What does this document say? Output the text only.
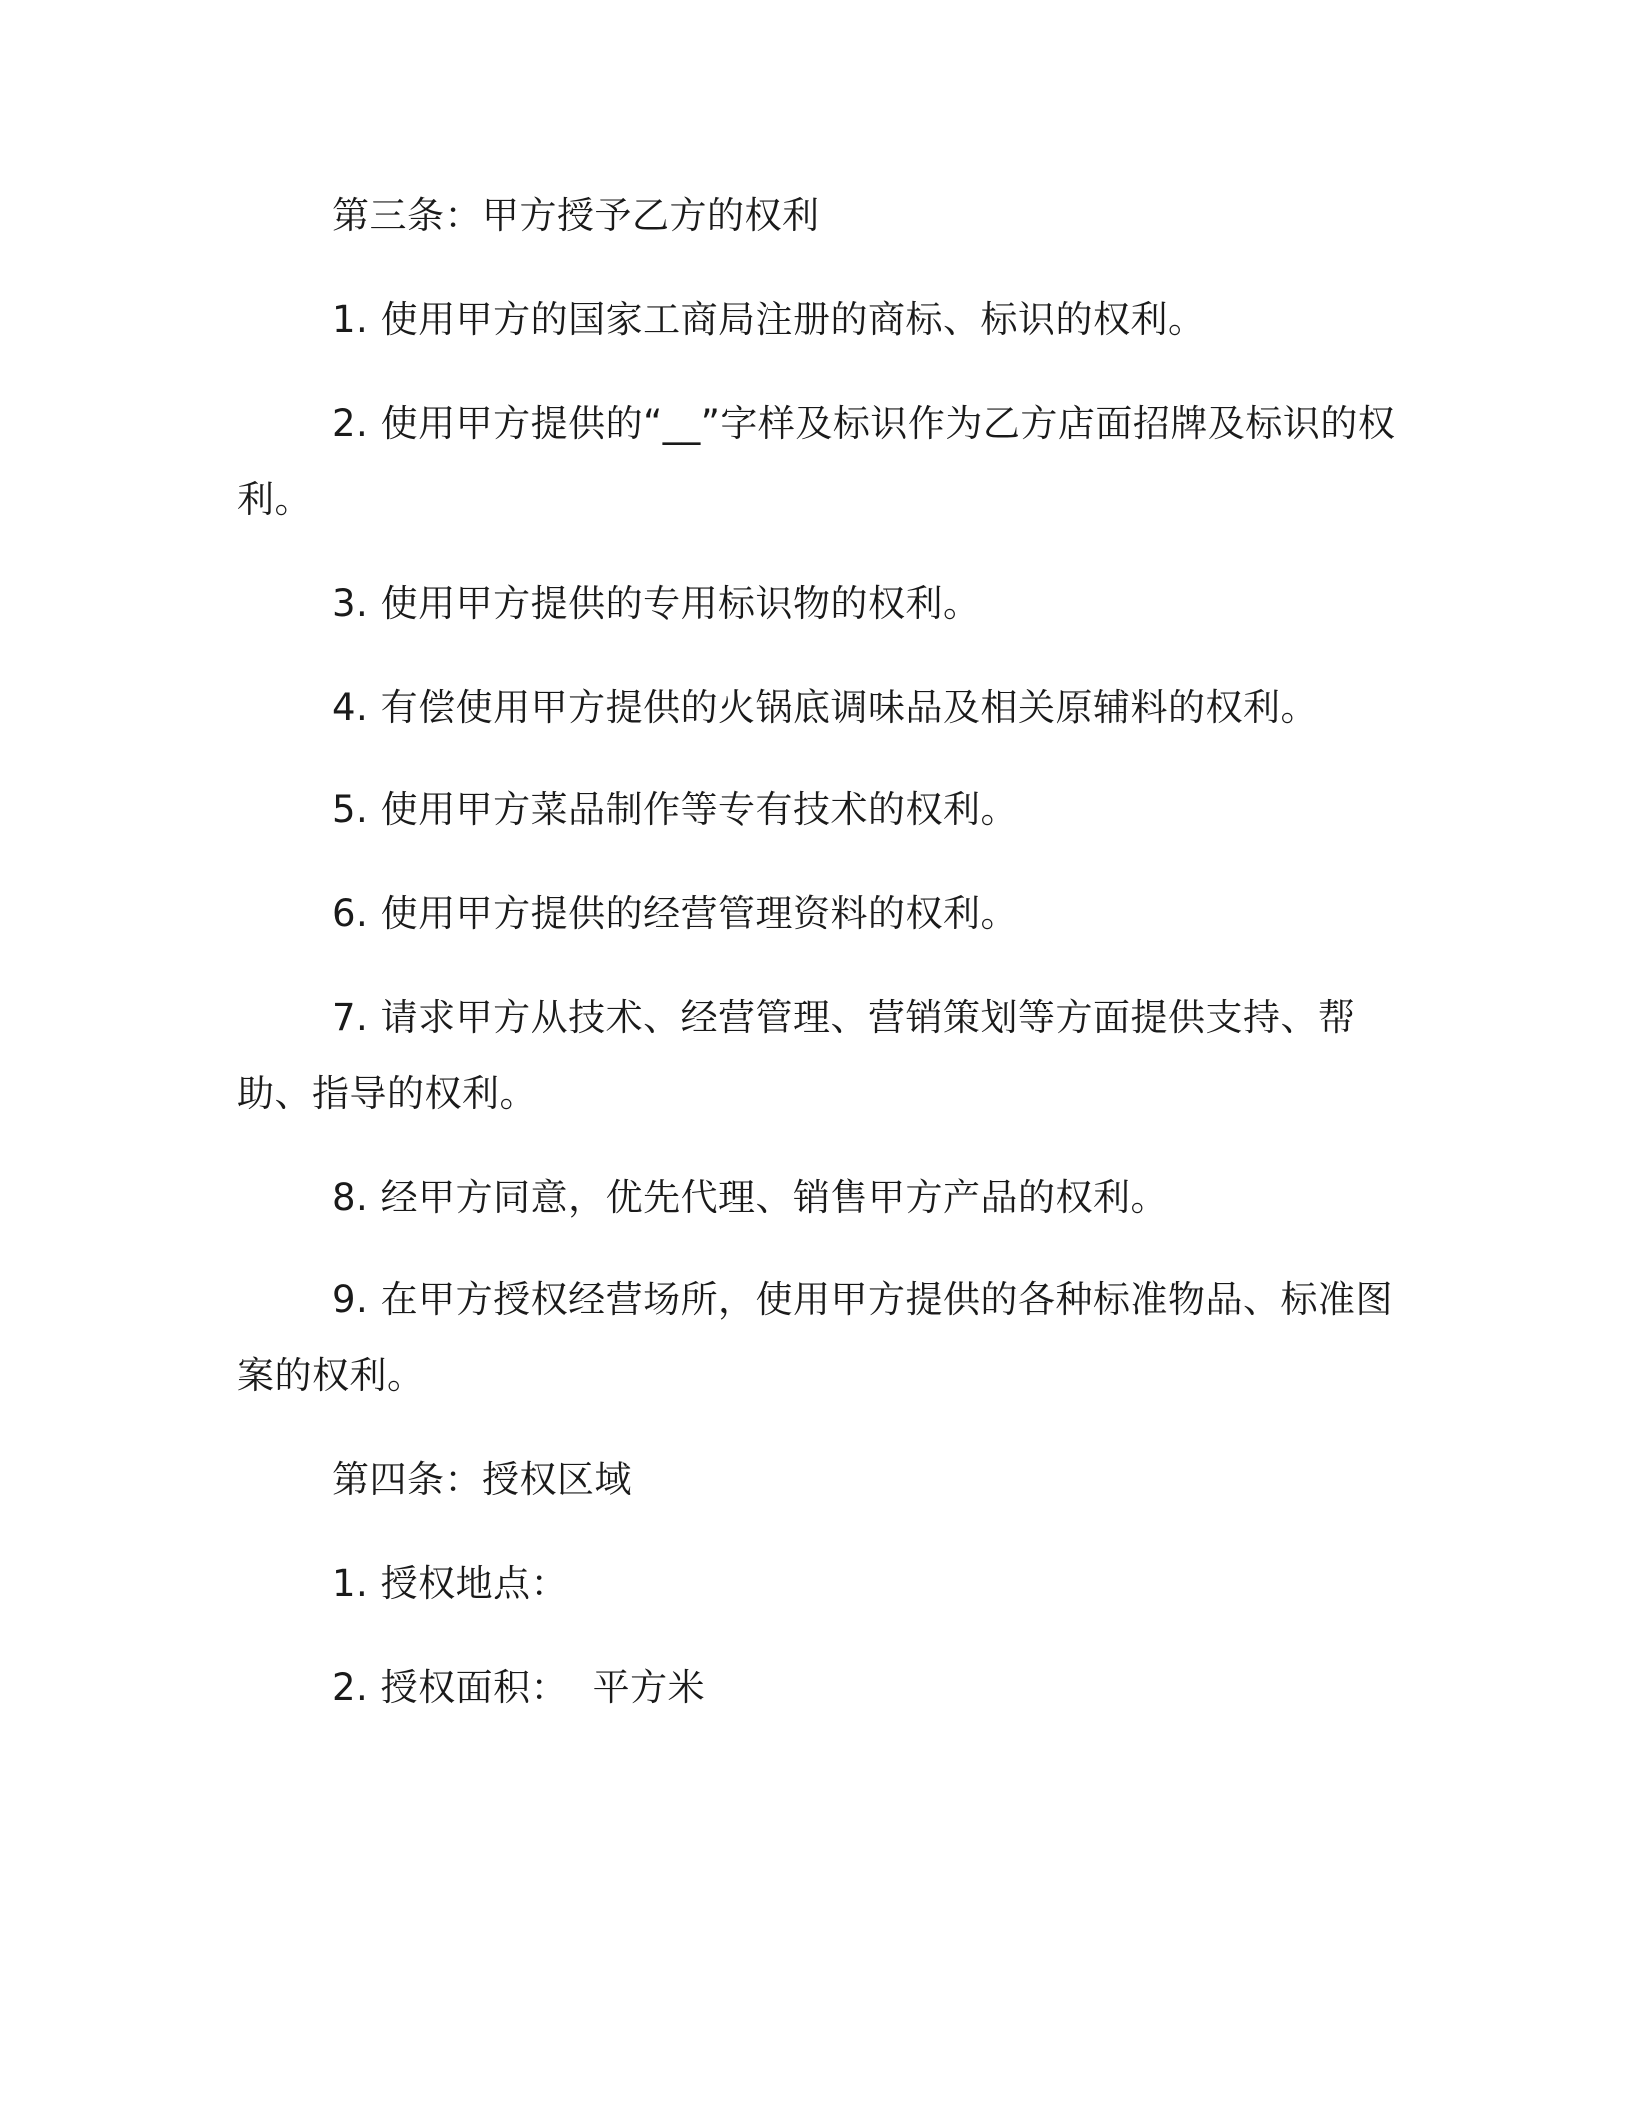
第三条：甲方授予乙方的权利

1. 使用甲方的国家工商局注册的商标、标识的权利。

2. 使用甲方提供的“__”字样及标识作为乙方店面招牌及标识的权利。

3. 使用甲方提供的专用标识物的权利。

4. 有偿使用甲方提供的火锅底调味品及相关原辅料的权利。

5. 使用甲方菜品制作等专有技术的权利。

6. 使用甲方提供的经营管理资料的权利。

7. 请求甲方从技术、经营管理、营销策划等方面提供支持、帮助、指导的权利。

8. 经甲方同意，优先代理、销售甲方产品的权利。

9. 在甲方授权经营场所，使用甲方提供的各种标准物品、标准图案的权利。

第四条：授权区域

1. 授权地点：

2. 授权面积：  平方米
